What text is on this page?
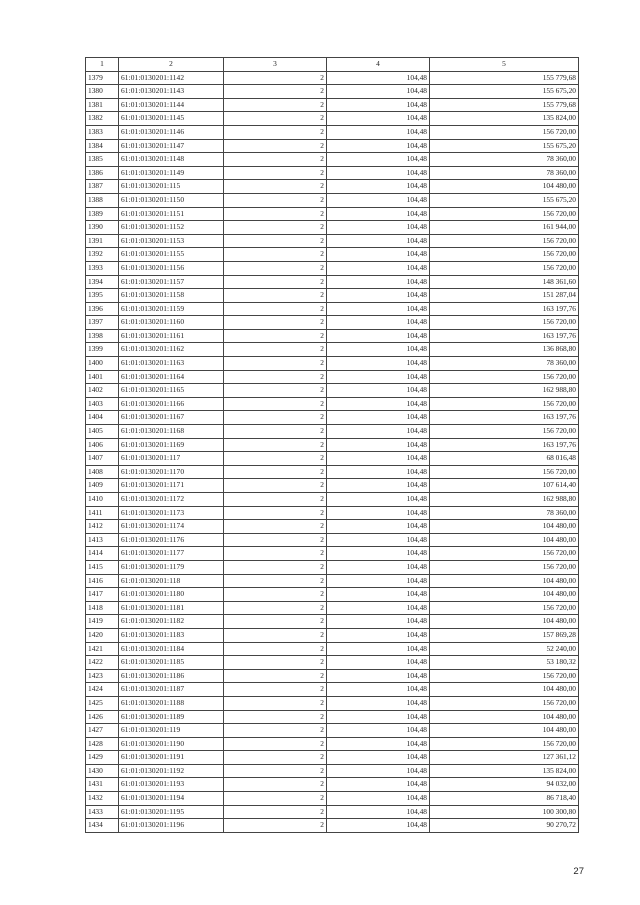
1	2	3	4	5
1379	61:01:0130201:1142	2	104,48	155 779,68
1380	61:01:0130201:1143	2	104,48	155 675,20
1381	61:01:0130201:1144	2	104,48	155 779,68
1382	61:01:0130201:1145	2	104,48	135 824,00
1383	61:01:0130201:1146	2	104,48	156 720,00
1384	61:01:0130201:1147	2	104,48	155 675,20
1385	61:01:0130201:1148	2	104,48	78 360,00
1386	61:01:0130201:1149	2	104,48	78 360,00
1387	61:01:0130201:115	2	104,48	104 480,00
1388	61:01:0130201:1150	2	104,48	155 675,20
1389	61:01:0130201:1151	2	104,48	156 720,00
1390	61:01:0130201:1152	2	104,48	161 944,00
1391	61:01:0130201:1153	2	104,48	156 720,00
1392	61:01:0130201:1155	2	104,48	156 720,00
1393	61:01:0130201:1156	2	104,48	156 720,00
1394	61:01:0130201:1157	2	104,48	148 361,60
1395	61:01:0130201:1158	2	104,48	151 287,04
1396	61:01:0130201:1159	2	104,48	163 197,76
1397	61:01:0130201:1160	2	104,48	156 720,00
1398	61:01:0130201:1161	2	104,48	163 197,76
1399	61:01:0130201:1162	2	104,48	136 868,80
1400	61:01:0130201:1163	2	104,48	78 360,00
1401	61:01:0130201:1164	2	104,48	156 720,00
1402	61:01:0130201:1165	2	104,48	162 988,80
1403	61:01:0130201:1166	2	104,48	156 720,00
1404	61:01:0130201:1167	2	104,48	163 197,76
1405	61:01:0130201:1168	2	104,48	156 720,00
1406	61:01:0130201:1169	2	104,48	163 197,76
1407	61:01:0130201:117	2	104,48	68 016,48
1408	61:01:0130201:1170	2	104,48	156 720,00
1409	61:01:0130201:1171	2	104,48	107 614,40
1410	61:01:0130201:1172	2	104,48	162 988,80
1411	61:01:0130201:1173	2	104,48	78 360,00
1412	61:01:0130201:1174	2	104,48	104 480,00
1413	61:01:0130201:1176	2	104,48	104 480,00
1414	61:01:0130201:1177	2	104,48	156 720,00
1415	61:01:0130201:1179	2	104,48	156 720,00
1416	61:01:0130201:118	2	104,48	104 480,00
1417	61:01:0130201:1180	2	104,48	104 480,00
1418	61:01:0130201:1181	2	104,48	156 720,00
1419	61:01:0130201:1182	2	104,48	104 480,00
1420	61:01:0130201:1183	2	104,48	157 869,28
1421	61:01:0130201:1184	2	104,48	52 240,00
1422	61:01:0130201:1185	2	104,48	53 180,32
1423	61:01:0130201:1186	2	104,48	156 720,00
1424	61:01:0130201:1187	2	104,48	104 480,00
1425	61:01:0130201:1188	2	104,48	156 720,00
1426	61:01:0130201:1189	2	104,48	104 480,00
1427	61:01:0130201:119	2	104,48	104 480,00
1428	61:01:0130201:1190	2	104,48	156 720,00
1429	61:01:0130201:1191	2	104,48	127 361,12
1430	61:01:0130201:1192	2	104,48	135 824,00
1431	61:01:0130201:1193	2	104,48	94 032,00
1432	61:01:0130201:1194	2	104,48	86 718,40
1433	61:01:0130201:1195	2	104,48	100 300,80
1434	61:01:0130201:1196	2	104,48	90 270,72
27
